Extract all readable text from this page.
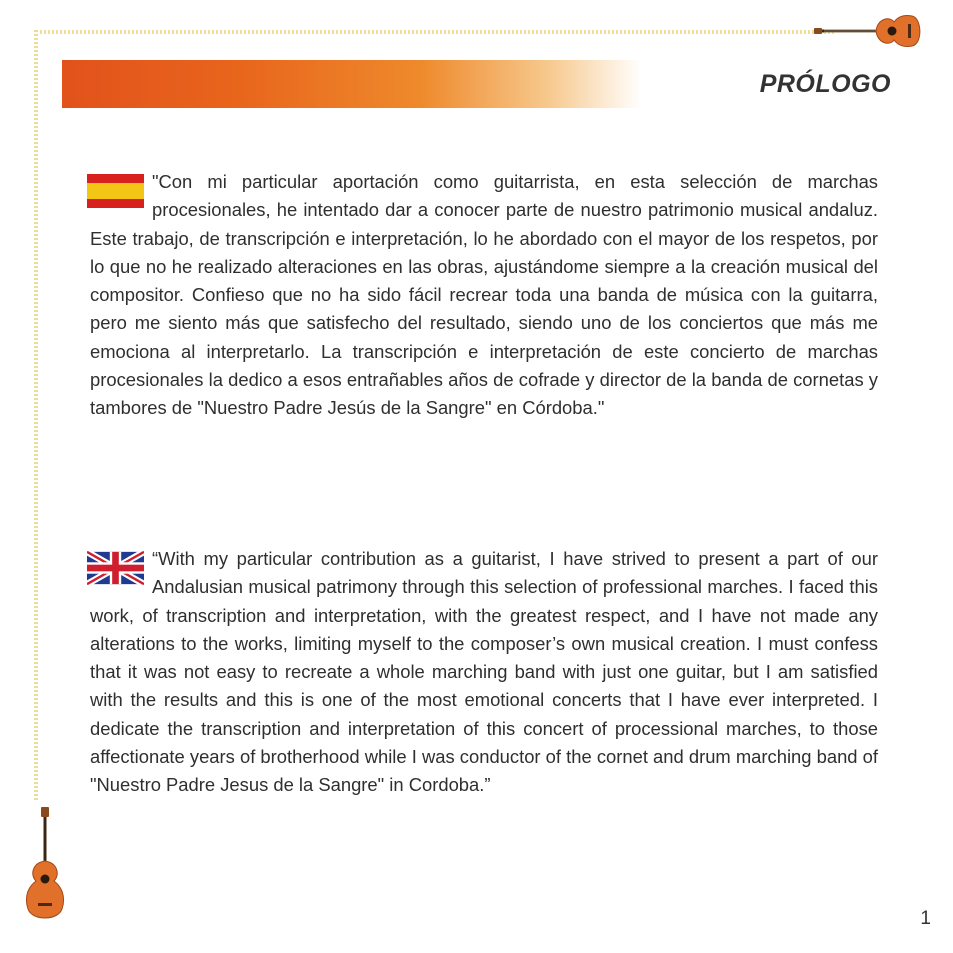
PRÓLOGO

"Con mi particular aportación como guitarrista, en esta selección de marchas procesionales, he intentado dar a conocer parte de nuestro patrimonio musical andaluz. Este trabajo, de transcripción e interpretación, lo he abordado con el mayor de los respetos, por lo que no he realizado alteraciones en las obras, ajustándome siempre a la creación musical del compositor. Confieso que no ha sido fácil recrear toda una banda de música con la guitarra, pero me siento más que satisfecho del resultado, siendo uno de los conciertos que más me emociona al interpretarlo. La transcripción e interpretación de este concierto de marchas procesionales la dedico a esos entrañables años de cofrade y director de la banda de cornetas y tambores de "Nuestro Padre Jesús de la Sangre" en Córdoba."

“With my particular contribution as a guitarist, I have strived to present a part of our Andalusian musical patrimony through this selection of professional marches. I faced this work, of transcription and interpretation, with the greatest respect, and I have not made any alterations to the works, limiting myself to the composer’s own musical creation. I must confess that it was not easy to recreate a whole marching band with just one guitar, but I am satisfied with the results and this is one of the most emotional concerts that I have ever interpreted. I dedicate the transcription and interpretation of this concert of processional marches, to those affectionate years of brotherhood while I was conductor of the cornet and drum marching band of "Nuestro Padre Jesus de la Sangre" in Cordoba.”

1
